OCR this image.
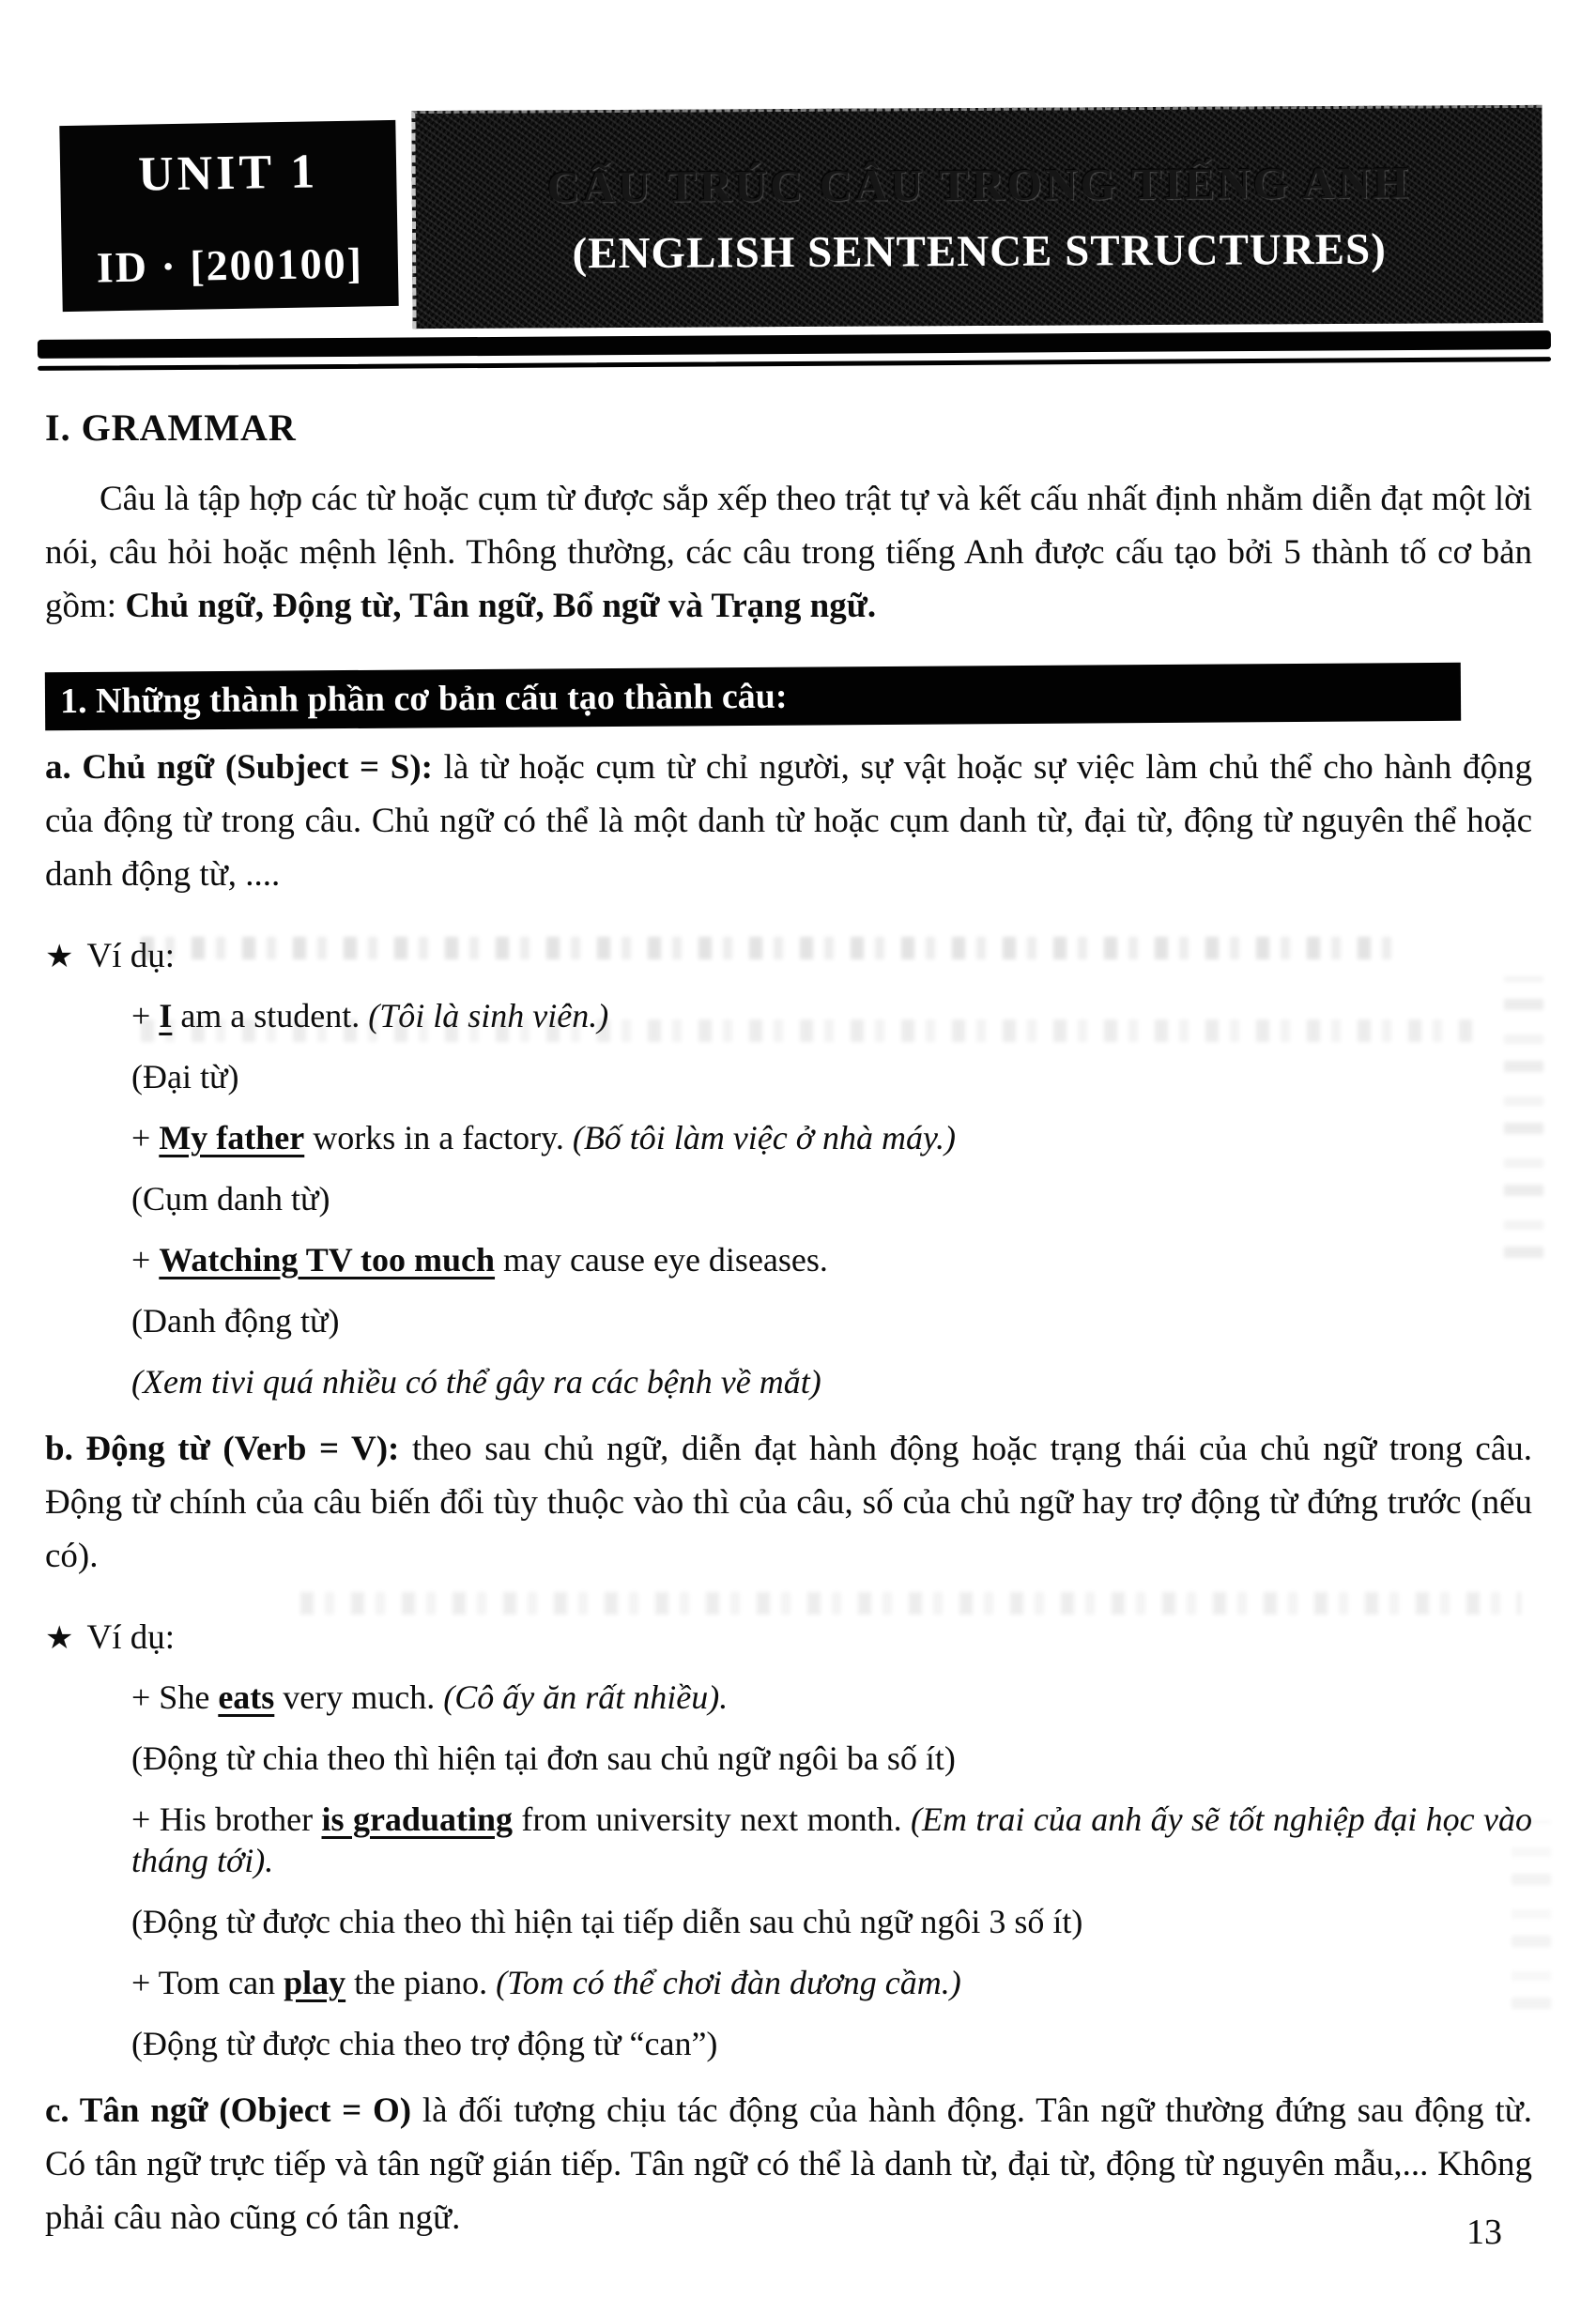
UNIT 1
ID · [200100]
CẤU TRÚC CÂU TRONG TIẾNG ANH
(ENGLISH SENTENCE STRUCTURES)
I. GRAMMAR

Câu là tập hợp các từ hoặc cụm từ được sắp xếp theo trật tự và kết cấu nhất định nhằm diễn đạt một lời nói, câu hỏi hoặc mệnh lệnh. Thông thường, các câu trong tiếng Anh được cấu tạo bởi 5 thành tố cơ bản gồm: Chủ ngữ, Động từ, Tân ngữ, Bổ ngữ và Trạng ngữ.

1. Những thành phần cơ bản cấu tạo thành câu:

a. Chủ ngữ (Subject = S): là từ hoặc cụm từ chỉ người, sự vật hoặc sự việc làm chủ thể cho hành động của động từ trong câu. Chủ ngữ có thể là một danh từ hoặc cụm danh từ, đại từ, động từ nguyên thể hoặc danh động từ, ....

★ Ví dụ:
+ I am a student. (Tôi là sinh viên.)
(Đại từ)
+ My father works in a factory. (Bố tôi làm việc ở nhà máy.)
(Cụm danh từ)
+ Watching TV too much may cause eye diseases.
(Danh động từ)
(Xem tivi quá nhiều có thể gây ra các bệnh về mắt)

b. Động từ (Verb = V): theo sau chủ ngữ, diễn đạt hành động hoặc trạng thái của chủ ngữ trong câu. Động từ chính của câu biến đổi tùy thuộc vào thì của câu, số của chủ ngữ hay trợ động từ đứng trước (nếu có).

★ Ví dụ:
+ She eats very much. (Cô ấy ăn rất nhiều).
(Động từ chia theo thì hiện tại đơn sau chủ ngữ ngôi ba số ít)
+ His brother is graduating from university next month. (Em trai của anh ấy sẽ tốt nghiệp đại học vào tháng tới).
(Động từ được chia theo thì hiện tại tiếp diễn sau chủ ngữ ngôi 3 số ít)
+ Tom can play the piano. (Tom có thể chơi đàn dương cầm.)
(Động từ được chia theo trợ động từ “can”)

c. Tân ngữ (Object = O) là đối tượng chịu tác động của hành động. Tân ngữ thường đứng sau động từ. Có tân ngữ trực tiếp và tân ngữ gián tiếp. Tân ngữ có thể là danh từ, đại từ, động từ nguyên mẫu,... Không phải câu nào cũng có tân ngữ.	13
